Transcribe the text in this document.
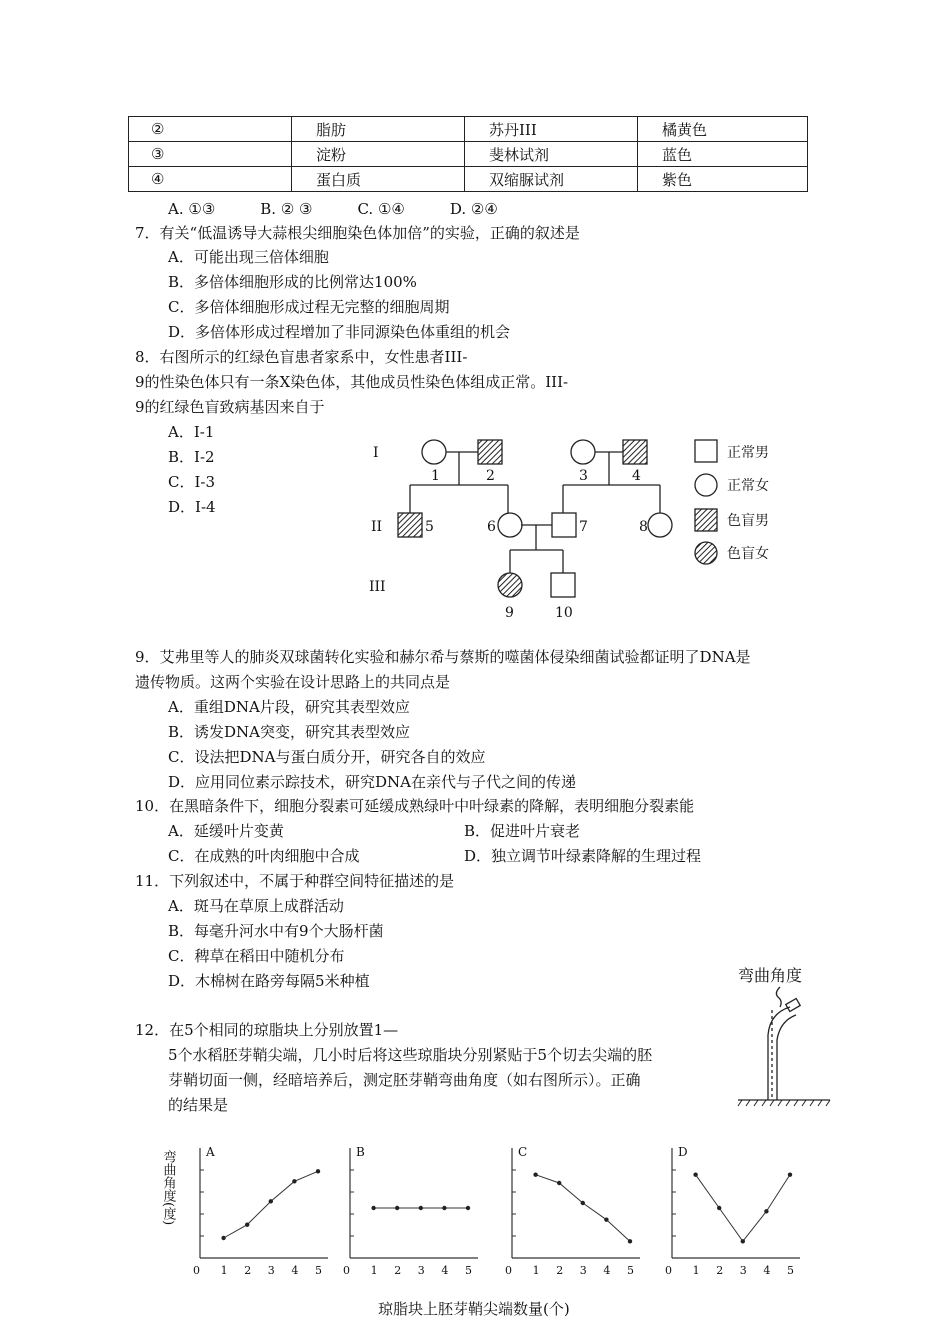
②	脂肪	苏丹III	橘黄色
③	淀粉	斐林试剂	蓝色
④	蛋白质	双缩脲试剂	紫色
A. ①③　　　B. ② ③　　　C. ①④　　　D. ②④
7．有关“低温诱导大蒜根尖细胞染色体加倍”的实验，正确的叙述是
A．可能出现三倍体细胞
B．多倍体细胞形成的比例常达100%
C．多倍体细胞形成过程无完整的细胞周期
D．多倍体形成过程增加了非同源染色体重组的机会
8．右图所示的红绿色盲患者家系中，女性患者III-
9的性染色体只有一条X染色体，其他成员性染色体组成正常。III-
9的红绿色盲致病基因来自于
A．I-1
B．I-2
C．I-3
D．I-4
I
II
III
1	2	3	4
5	6	7	8
9	10
正常男
正常女
色盲男
色盲女
9．艾弗里等人的肺炎双球菌转化实验和赫尔希与蔡斯的噬菌体侵染细菌试验都证明了DNA是
遗传物质。这两个实验在设计思路上的共同点是
A．重组DNA片段，研究其表型效应
B．诱发DNA突变，研究其表型效应
C．设法把DNA与蛋白质分开，研究各自的效应
D．应用同位素示踪技术，研究DNA在亲代与子代之间的传递
10．在黑暗条件下，细胞分裂素可延缓成熟绿叶中叶绿素的降解，表明细胞分裂素能
A．延缓叶片变黄	B．促进叶片衰老
C．在成熟的叶肉细胞中合成	D．独立调节叶绿素降解的生理过程
11．下列叙述中，不属于种群空间特征描述的是
A．斑马在草原上成群活动
B．每毫升河水中有9个大肠杆菌
C．稗草在稻田中随机分布
D．木棉树在路旁每隔5米种植	弯曲角度
12．在5个相同的琼脂块上分别放置1—
5个水稻胚芽鞘尖端，几小时后将这些琼脂块分别紧贴于5个切去尖端的胚
芽鞘切面一侧，经暗培养后，测定胚芽鞘弯曲角度（如右图所示）。正确
的结果是
弯曲角度(度)	A
0 1 2 3 4 5
B
0 1 2 3 4 5
C
0 1 2 3 4 5
D
0 1 2 3 4 5
琼脂块上胚芽鞘尖端数量(个)
